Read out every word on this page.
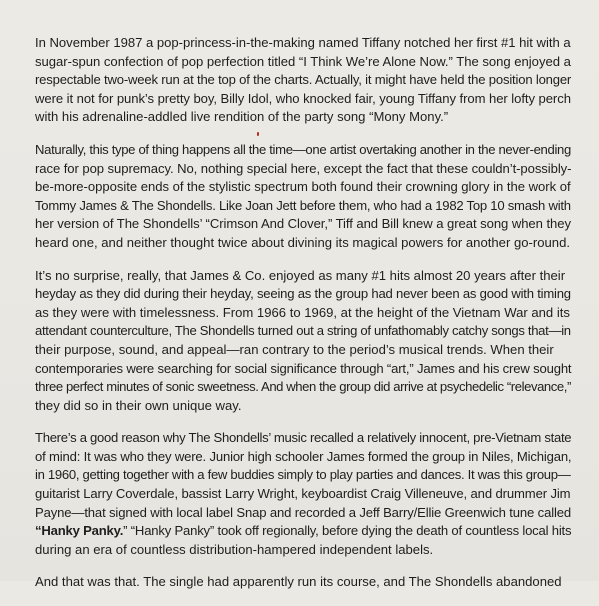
In November 1987 a pop-princess-in-the-making named Tiffany notched her first #1 hit with a
sugar-spun confection of pop perfection titled “I Think We’re Alone Now.” The song enjoyed a
respectable two-week run at the top of the charts. Actually, it might have held the position longer
were it not for punk’s pretty boy, Billy Idol, who knocked fair, young Tiffany from her lofty perch
with his adrenaline-addled live rendition of the party song “Mony Mony.”

Naturally, this type of thing happens all the time—one artist overtaking another in the never-ending
race for pop supremacy. No, nothing special here, except the fact that these couldn’t-possibly-
be-more-opposite ends of the stylistic spectrum both found their crowning glory in the work of
Tommy James & The Shondells. Like Joan Jett before them, who had a 1982 Top 10 smash with
her version of The Shondells’ “Crimson And Clover,” Tiff and Bill knew a great song when they
heard one, and neither thought twice about divining its magical powers for another go-round.

It’s no surprise, really, that James & Co. enjoyed as many #1 hits almost 20 years after their
heyday as they did during their heyday, seeing as the group had never been as good with timing
as they were with timelessness. From 1966 to 1969, at the height of the Vietnam War and its
attendant counterculture, The Shondells turned out a string of unfathomably catchy songs that—in
their purpose, sound, and appeal—ran contrary to the period’s musical trends. When their
contemporaries were searching for social significance through “art,” James and his crew sought
three perfect minutes of sonic sweetness. And when the group did arrive at psychedelic “relevance,”
they did so in their own unique way.

There’s a good reason why The Shondells’ music recalled a relatively innocent, pre-Vietnam state
of mind: It was who they were. Junior high schooler James formed the group in Niles, Michigan,
in 1960, getting together with a few buddies simply to play parties and dances. It was this group—
guitarist Larry Coverdale, bassist Larry Wright, keyboardist Craig Villeneuve, and drummer Jim
Payne—that signed with local label Snap and recorded a Jeff Barry/Ellie Greenwich tune called
“Hanky Panky.” “Hanky Panky” took off regionally, before dying the death of countless local hits
during an era of countless distribution-hampered independent labels.

And that was that. The single had apparently run its course, and The Shondells abandoned
